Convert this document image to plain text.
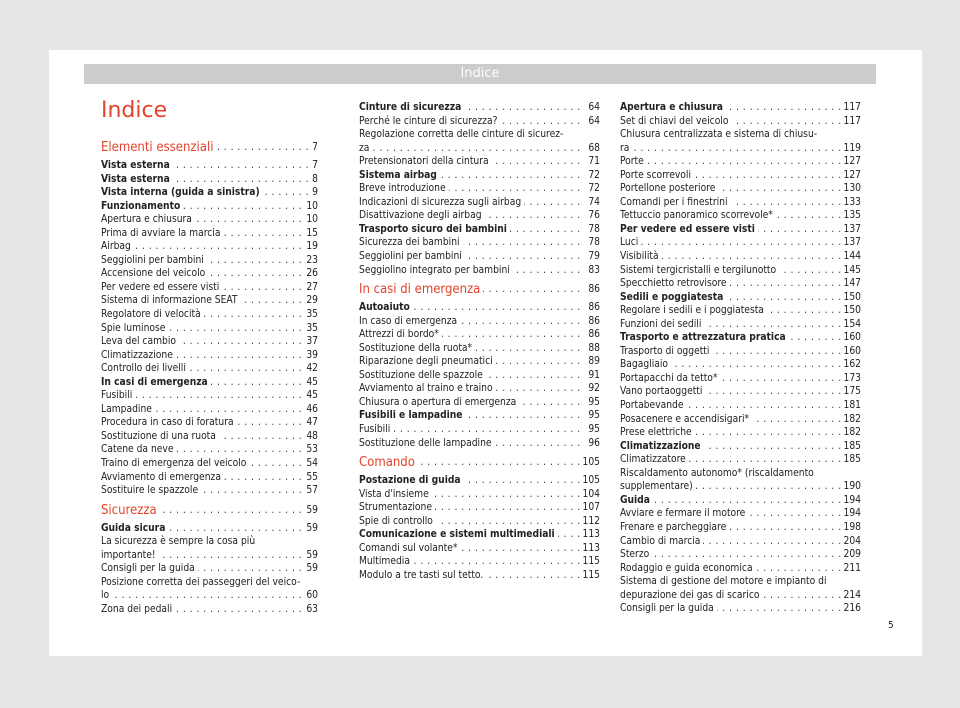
Indice
Indice
Elementi essenziali	7
. . .
Vista esterna	7
. . .
Vista esterna	8
. . .
Vista interna (guida a sinistra)	9
. . .
Funzionamento	10
. . .
Apertura e chiusura	10
. . .
Prima di avviare la marcia	15
. . .
Airbag	19
. . .
Seggiolini per bambini	23
. . .
Accensione del veicolo	26
. . .
Per vedere ed essere visti	27
. . .
Sistema di informazione SEAT	29
. . .
Regolatore di velocità	35
. . .
Spie luminose	35
. . .
Leva del cambio	37
. . .
Climatizzazione	39
. . .
Controllo dei livelli	42
. . .
In casi di emergenza	45
. . .
Fusibili	45
. . .
Lampadine	46
. . .
Procedura in caso di foratura	47
. . .
Sostituzione di una ruota	48
. . .
Catene da neve	53
. . .
Traino di emergenza del veicolo	54
. . .
Avviamento di emergenza	55
. . .
Sostituire le spazzole	57
. . .
Sicurezza	59
. . .
Guida sicura	59
. . .
La sicurezza è sempre la cosa più
importante!	59
. . .
Consigli per la guida	59
. . .
Posizione corretta dei passeggeri del veico-
lo	60
. . .
Zona dei pedali	63
. . .
Cinture di sicurezza	64
. . .
Perché le cinture di sicurezza?	64
. . .
Regolazione corretta delle cinture di sicurez-
za	68
. . .
Pretensionatori della cintura	71
. . .
Sistema airbag	72
. . .
Breve introduzione	72
. . .
Indicazioni di sicurezza sugli airbag	74
. . .
Disattivazione degli airbag	76
. . .
Trasporto sicuro dei bambini	78
. . .
Sicurezza dei bambini	78
. . .
Seggiolini per bambini	79
. . .
Seggiolino integrato per bambini	83
. . .
In casi di emergenza	86
. . .
Autoaiuto	86
. . .
In caso di emergenza	86
. . .
Attrezzi di bordo*	86
. . .
Sostituzione della ruota*	88
. . .
Riparazione degli pneumatici	89
. . .
Sostituzione delle spazzole	91
. . .
Avviamento al traino e traino	92
. . .
Chiusura o apertura di emergenza	95
. . .
Fusibili e lampadine	95
. . .
Fusibili	95
. . .
Sostituzione delle lampadine	96
. . .
Comando	105
. . .
Postazione di guida	105
. . .
Vista d'insieme	104
. . .
Strumentazione	107
. . .
Spie di controllo	112
. . .
Comunicazione e sistemi multimediali	113
. . .
Comandi sul volante*	113
. . .
Multimedia	115
. . .
Modulo a tre tasti sul tetto.	115
. . .
Apertura e chiusura	117
. . .
Set di chiavi del veicolo	117
. . .
Chiusura centralizzata e sistema di chiusu-
ra	119
. . .
Porte	127
. . .
Porte scorrevoli	127
. . .
Portellone posteriore	130
. . .
Comandi per i finestrini	133
. . .
Tettuccio panoramico scorrevole*	135
. . .
Per vedere ed essere visti	137
. . .
Luci	137
. . .
Visibilità	144
. . .
Sistemi tergicristalli e tergilunotto	145
. . .
Specchietto retrovisore	147
. . .
Sedili e poggiatesta	150
. . .
Regolare i sedili e i poggiatesta	150
. . .
Funzioni dei sedili	154
. . .
Trasporto e attrezzatura pratica	160
. . .
Trasporto di oggetti	160
. . .
Bagagliaio	162
. . .
Portapacchi da tetto*	173
. . .
Vano portaoggetti	175
. . .
Portabevande	181
. . .
Posacenere e accendisigari*	182
. . .
Prese elettriche	182
. . .
Climatizzazione	185
. . .
Climatizzatore	185
. . .
Riscaldamento autonomo* (riscaldamento
supplementare)	190
. . .
Guida	194
. . .
Avviare e fermare il motore	194
. . .
Frenare e parcheggiare	198
. . .
Cambio di marcia	204
. . .
Sterzo	209
. . .
Rodaggio e guida economica	211
. . .
Sistema di gestione del motore e impianto di
depurazione dei gas di scarico	214
. . .
Consigli per la guida	216
. . .
5
